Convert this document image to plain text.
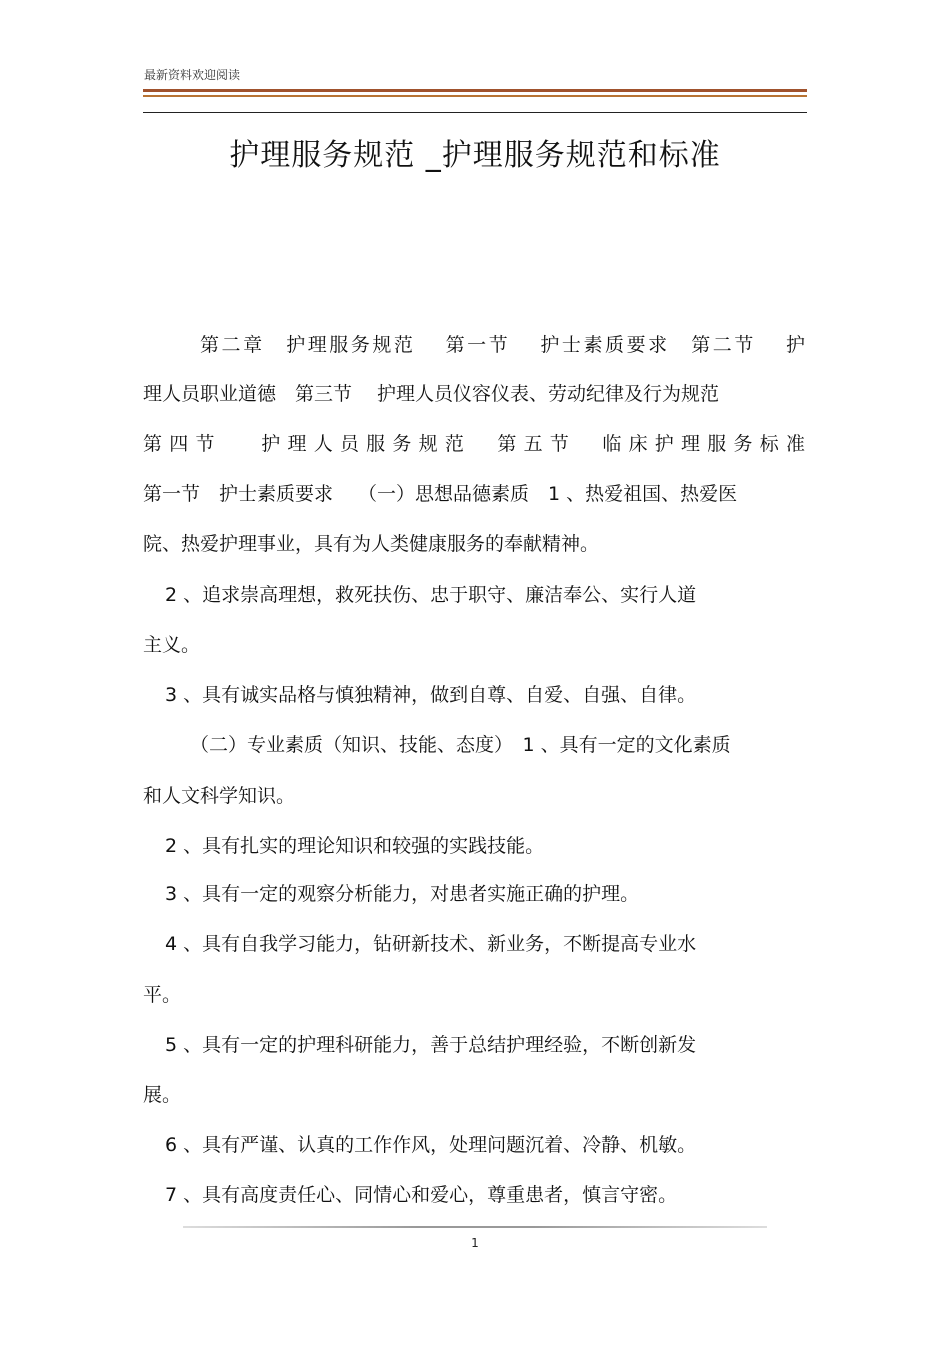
最新资料欢迎阅读
护理服务规范 _护理服务规范和标准
第二章　护理服务规范　 第一节　 护士素质要求　第二节　 护
理人员职业道德　第三节　 护理人员仪容仪表、劳动纪律及行为规范
第四节　 护理人员服务规范　第五节　临床护理服务标准
第一节　护士素质要求　 （一）思想品德素质　1 、热爱祖国、热爱医
院、热爱护理事业，具有为人类健康服务的奉献精神。
2 、追求崇高理想，救死扶伤、忠于职守、廉洁奉公、实行人道
主义。
3 、具有诚实品格与慎独精神，做到自尊、自爱、自强、自律。
（二）专业素质（知识、技能、态度）　1 、具有一定的文化素质
和人文科学知识。
2 、具有扎实的理论知识和较强的实践技能。
3 、具有一定的观察分析能力，对患者实施正确的护理。
4 、具有自我学习能力，钻研新技术、新业务，不断提高专业水
平。
5 、具有一定的护理科研能力，善于总结护理经验，不断创新发
展。
6 、具有严谨、认真的工作作风，处理问题沉着、冷静、机敏。
7 、具有高度责任心、同情心和爱心，尊重患者，慎言守密。
1
